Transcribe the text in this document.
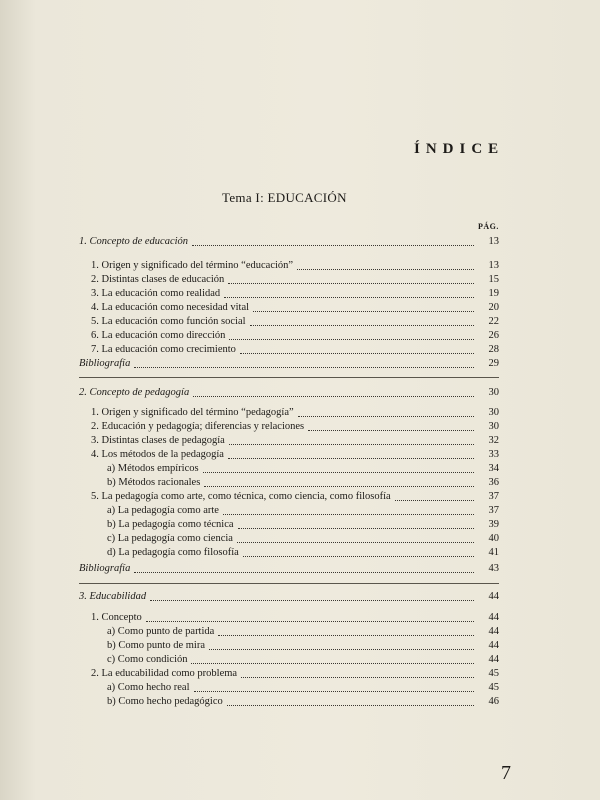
ÍNDICE
Tema I: EDUCACIÓN
PÁG.
1. Concepto de educación	13
1. Origen y significado del término “educación”	13
2. Distintas clases de educación	15
3. La educación como realidad	19
4. La educación como necesidad vital	20
5. La educación como función social	22
6. La educación como dirección	26
7. La educación como crecimiento	28
Bibliografía	29
2. Concepto de pedagogía	30
1. Origen y significado del término “pedagogía”	30
2. Educación y pedagogía; diferencias y relaciones	30
3. Distintas clases de pedagogía	32
4. Los métodos de la pedagogía	33
a) Métodos empíricos	34
b) Métodos racionales	36
5. La pedagogía como arte, como técnica, como ciencia, como filosofía	37
a) La pedagogía como arte	37
b) La pedagogía como técnica	39
c) La pedagogía como ciencia	40
d) La pedagogía como filosofía	41
Bibliografía	43
3. Educabilidad	44
1. Concepto	44
a) Como punto de partida	44
b) Como punto de mira	44
c) Como condición	44
2. La educabilidad como problema	45
a) Como hecho real	45
b) Como hecho pedagógico	46
7
